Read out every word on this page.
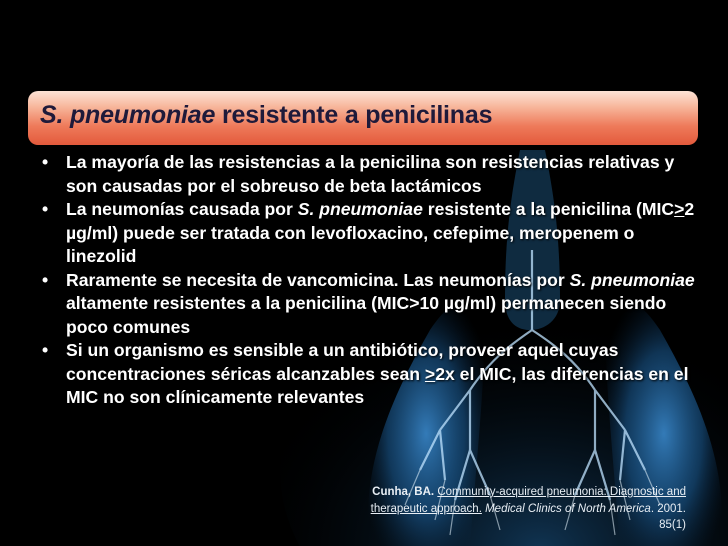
S. pneumoniae resistente a penicilinas
• La mayoría de las resistencias a la penicilina son resistencias relativas y son causadas por el sobreuso de beta lactámicos
• La neumonías causada por S. pneumoniae resistente a la penicilina (MIC>2 µg/ml) puede ser tratada con levofloxacino, cefepime, meropenem o linezolid
• Raramente se necesita de vancomicina. Las neumonías por S. pneumoniae altamente resistentes a la penicilina (MIC>10 µg/ml) permanecen siendo poco comunes
• Si un organismo es sensible a un antibiótico, proveer aquel cuyas concentraciones séricas alcanzables sean >2x el MIC, las diferencias en el MIC no son clínicamente relevantes
Cunha, BA. Community-acquired pneumonia: Diagnostic and therapeutic approach. Medical Clinics of North America. 2001. 85(1)
